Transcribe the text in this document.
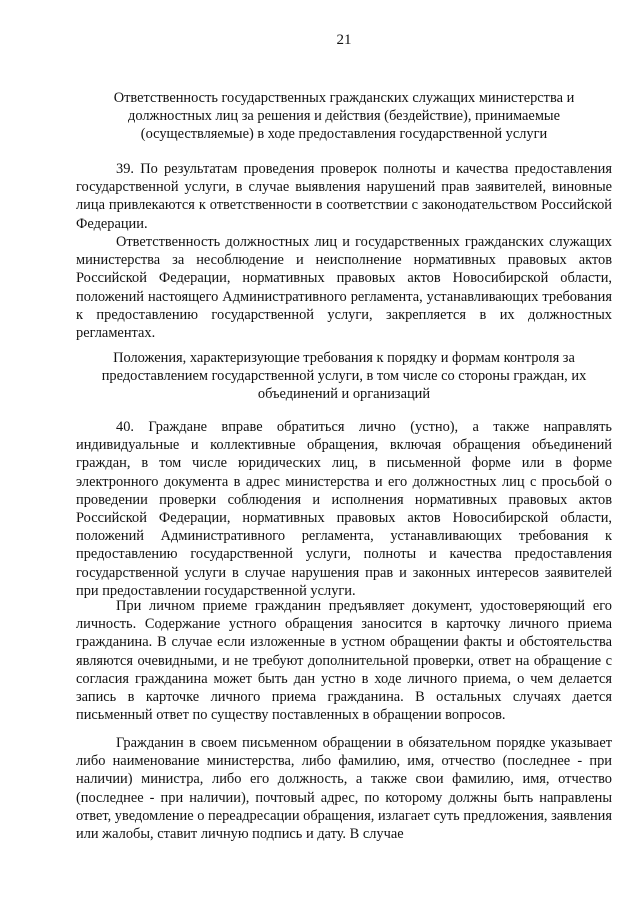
21
Ответственность государственных гражданских служащих министерства и должностных лиц за решения и действия (бездействие), принимаемые (осуществляемые) в ходе предоставления государственной услуги
39. По результатам проведения проверок полноты и качества предоставления государственной услуги, в случае выявления нарушений прав заявителей, виновные лица привлекаются к ответственности в соответствии с законодательством Российской Федерации.
Ответственность должностных лиц и государственных гражданских служащих министерства за несоблюдение и неисполнение нормативных правовых актов Российской Федерации, нормативных правовых актов Новосибирской области, положений настоящего Административного регламента, устанавливающих требования к предоставлению государственной услуги, закрепляется в их должностных регламентах.
Положения, характеризующие требования к порядку и формам контроля за предоставлением государственной услуги, в том числе со стороны граждан, их объединений и организаций
40. Граждане вправе обратиться лично (устно), а также направлять индивидуальные и коллективные обращения, включая обращения объединений граждан, в том числе юридических лиц, в письменной форме или в форме электронного документа в адрес министерства и его должностных лиц с просьбой о проведении проверки соблюдения и исполнения нормативных правовых актов Российской Федерации, нормативных правовых актов Новосибирской области, положений Административного регламента, устанавливающих требования к предоставлению государственной услуги, полноты и качества предоставления государственной услуги в случае нарушения прав и законных интересов заявителей при предоставлении государственной услуги.
При личном приеме гражданин предъявляет документ, удостоверяющий его личность. Содержание устного обращения заносится в карточку личного приема гражданина. В случае если изложенные в устном обращении факты и обстоятельства являются очевидными, и не требуют дополнительной проверки, ответ на обращение с согласия гражданина может быть дан устно в ходе личного приема, о чем делается запись в карточке личного приема гражданина. В остальных случаях дается письменный ответ по существу поставленных в обращении вопросов.
Гражданин в своем письменном обращении в обязательном порядке указывает либо наименование министерства, либо фамилию, имя, отчество (последнее - при наличии) министра, либо его должность, а также свои фамилию, имя, отчество (последнее - при наличии), почтовый адрес, по которому должны быть направлены ответ, уведомление о переадресации обращения, излагает суть предложения, заявления или жалобы, ставит личную подпись и дату. В случае
